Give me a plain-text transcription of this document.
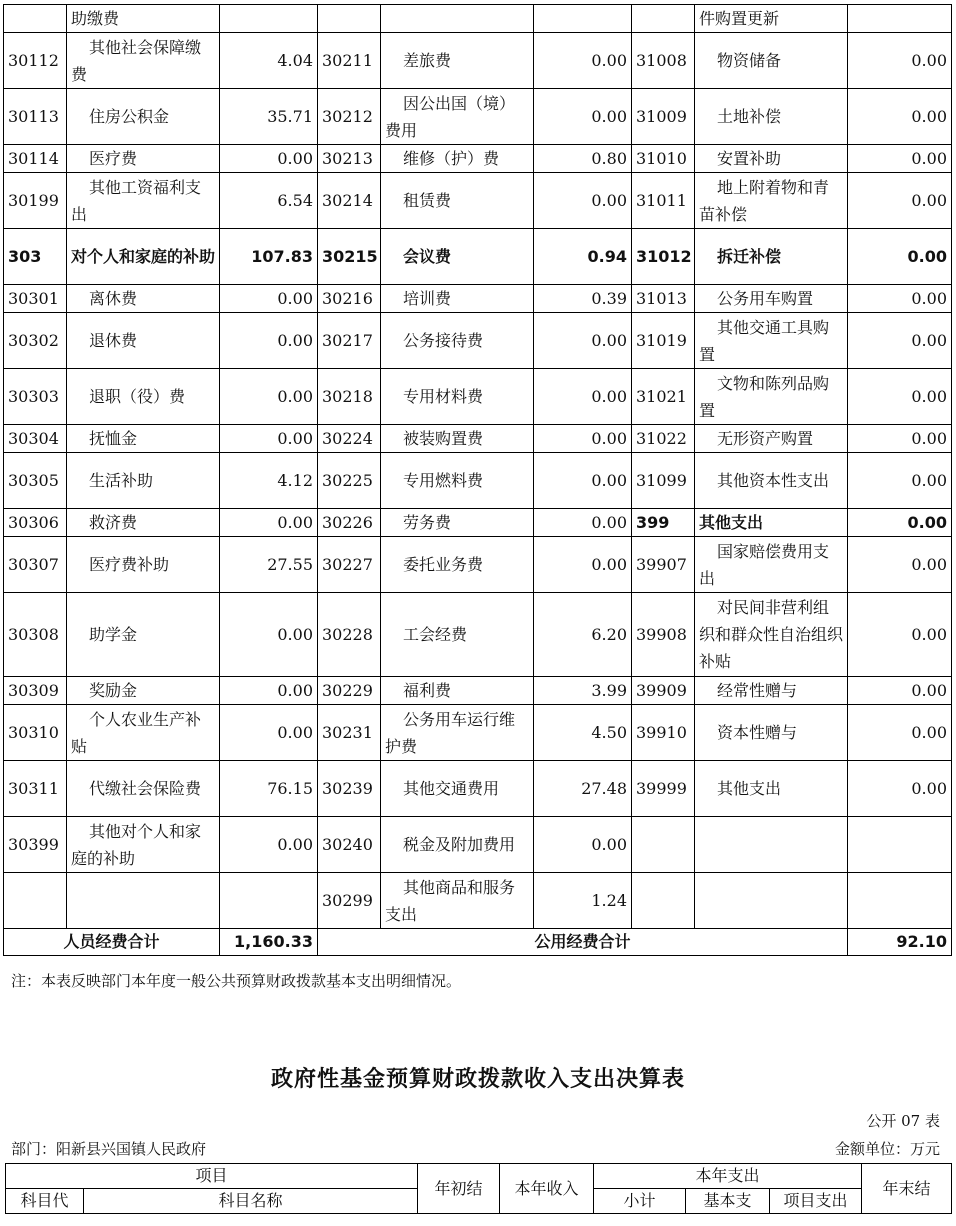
	助缴费						件购置更新	
30112	其他社会保障缴费	4.04	30211	差旅费	0.00	31008	物资储备	0.00
30113	住房公积金	35.71	30212	因公出国（境）费用	0.00	31009	土地补偿	0.00
30114	医疗费	0.00	30213	维修（护）费	0.80	31010	安置补助	0.00
30199	其他工资福利支出	6.54	30214	租赁费	0.00	31011	地上附着物和青苗补偿	0.00
303	对个人和家庭的补助	107.83	30215	会议费	0.94	31012	拆迁补偿	0.00
30301	离休费	0.00	30216	培训费	0.39	31013	公务用车购置	0.00
30302	退休费	0.00	30217	公务接待费	0.00	31019	其他交通工具购置	0.00
30303	退职（役）费	0.00	30218	专用材料费	0.00	31021	文物和陈列品购置	0.00
30304	抚恤金	0.00	30224	被装购置费	0.00	31022	无形资产购置	0.00
30305	生活补助	4.12	30225	专用燃料费	0.00	31099	其他资本性支出	0.00
30306	救济费	0.00	30226	劳务费	0.00	399	其他支出	0.00
30307	医疗费补助	27.55	30227	委托业务费	0.00	39907	国家赔偿费用支出	0.00
30308	助学金	0.00	30228	工会经费	6.20	39908	对民间非营利组织和群众性自治组织补贴	0.00
30309	奖励金	0.00	30229	福利费	3.99	39909	经常性赠与	0.00
30310	个人农业生产补贴	0.00	30231	公务用车运行维护费	4.50	39910	资本性赠与	0.00
30311	代缴社会保险费	76.15	30239	其他交通费用	27.48	39999	其他支出	0.00
30399	其他对个人和家庭的补助	0.00	30240	税金及附加费用	0.00			
			30299	其他商品和服务支出	1.24			
人员经费合计		1,160.33	公用经费合计					92.10
注：本表反映部门本年度一般公共预算财政拨款基本支出明细情况。
政府性基金预算财政拨款收入支出决算表
公开 07 表
部门：阳新县兴国镇人民政府	金额单位：万元
项目		年初结	本年收入	本年支出			年末结
科目代	科目名称			小计	基本支	项目支出	
